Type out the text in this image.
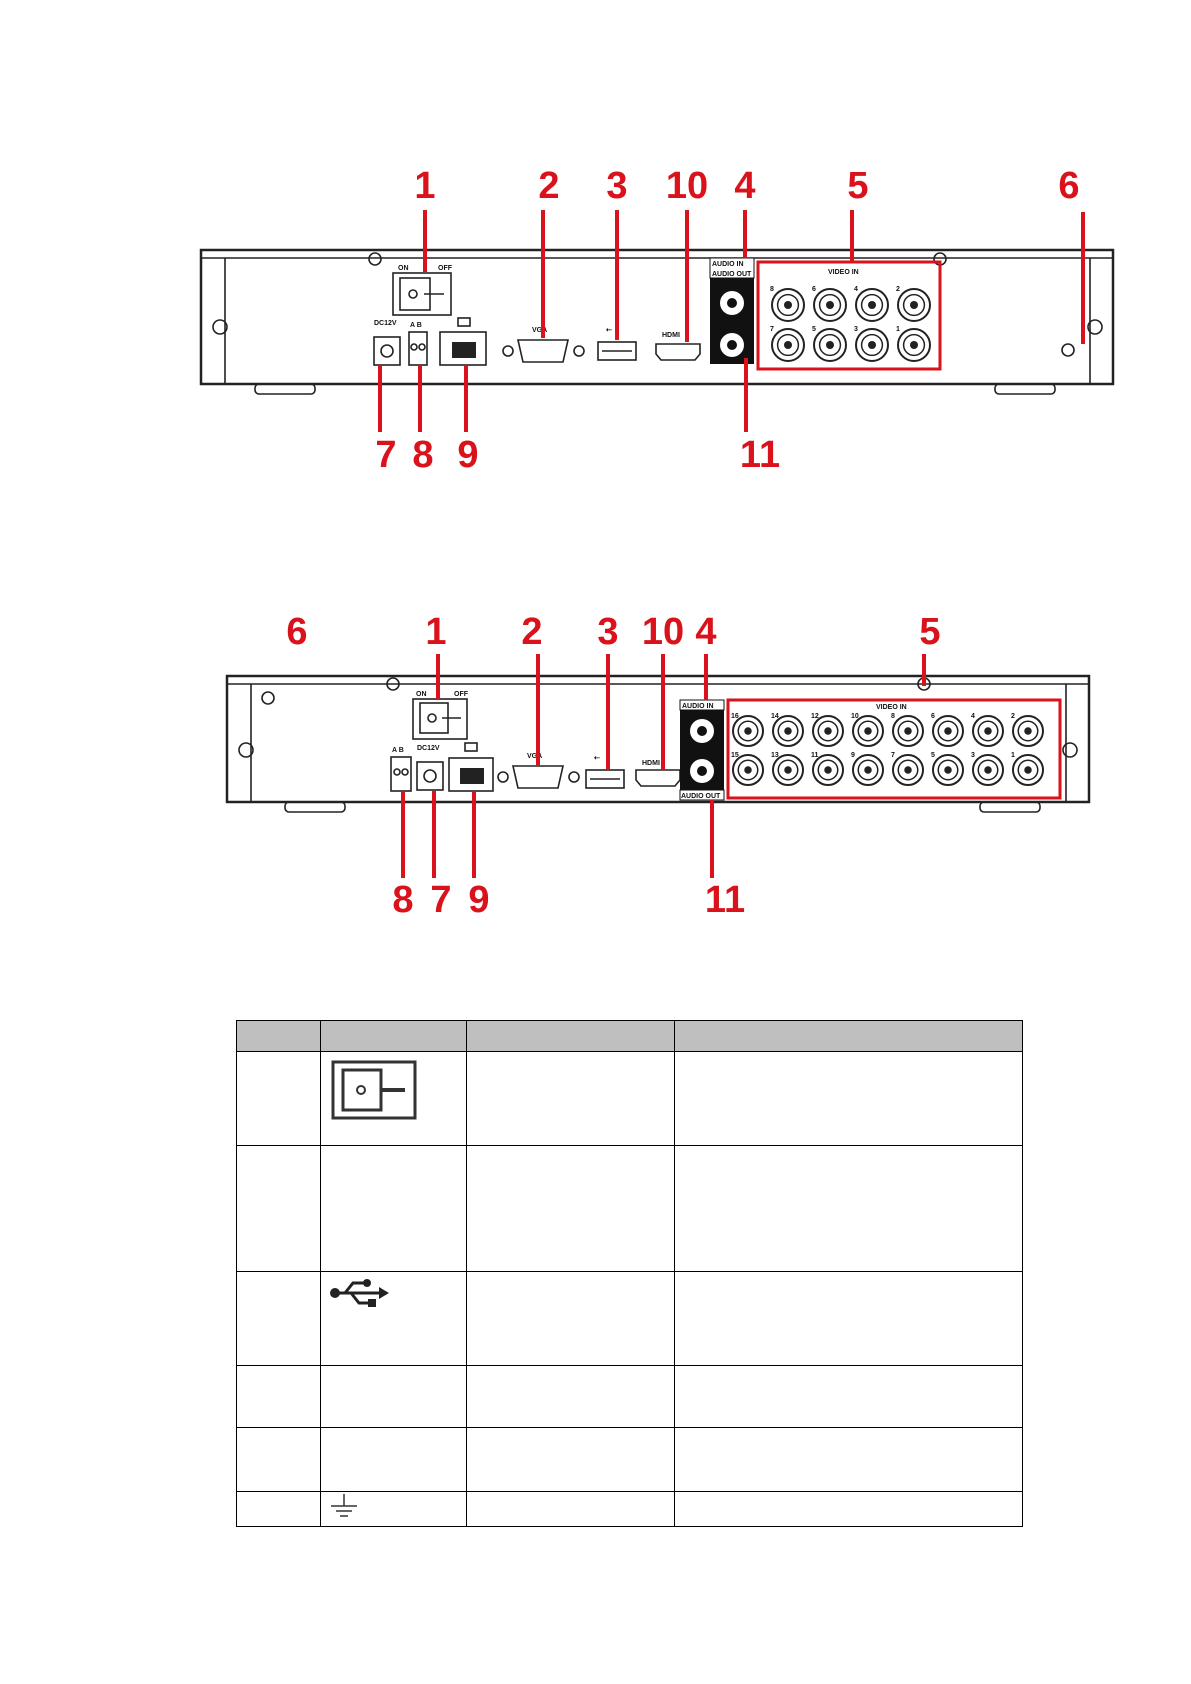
ON	OFF
DC12V A B
VGA	⇠
HDMI
AUDIO IN
AUDIO OUT	VIDEO IN
8	6	4	2
7	5	3	1
1	2 3 10 4 5	6
7 8 9	11
ON	OFF
A B DC12V
VGA	⇠
HDMI
AUDIO IN
AUDIO OUT
VIDEO IN
16	14	12	10	8	6	4	2
15	13	11	9	7	5	3	1
6	1 2 3 10 4	5
8 7 9	11
